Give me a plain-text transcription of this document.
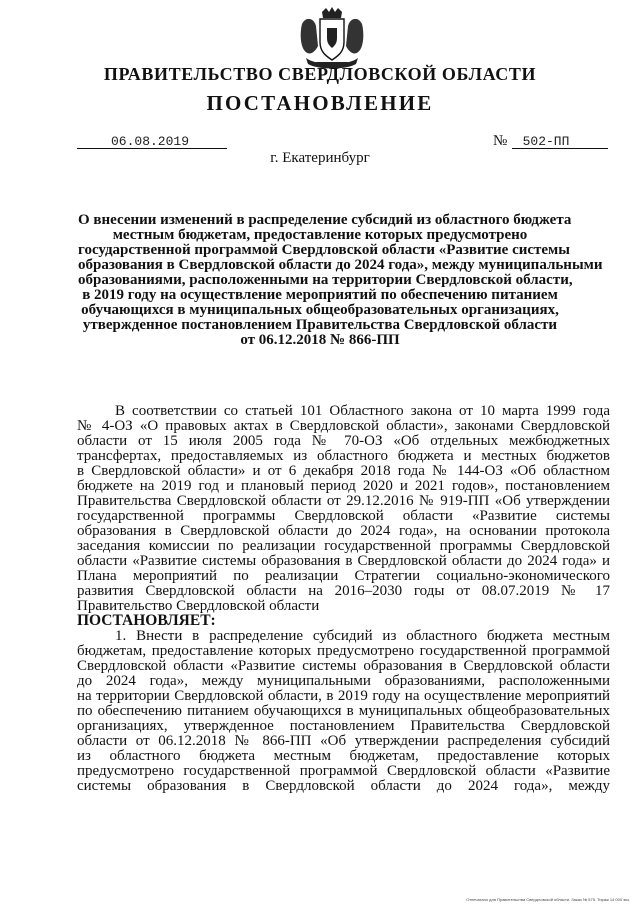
ПРАВИТЕЛЬСТВО СВЕРДЛОВСКОЙ ОБЛАСТИ
ПОСТАНОВЛЕНИЕ
06.08.2019	№	502-ПП
г. Екатеринбург
О внесении изменений в распределение субсидий из областного бюджета
местным бюджетам, предоставление которых предусмотрено
государственной программой Свердловской области «Развитие системы
образования в Свердловской области до 2024 года», между муниципальными
образованиями, расположенными на территории Свердловской области,
в 2019 году на осуществление мероприятий по обеспечению питанием
обучающихся в муниципальных общеобразовательных организациях,
утвержденное постановлением Правительства Свердловской области
от 06.12.2018 № 866-ПП
В соответствии со статьей 101 Областного закона от 10 марта 1999 года
№ 4-ОЗ «О правовых актах в Свердловской области», законами Свердловской
области от 15 июля 2005 года № 70-ОЗ «Об отдельных межбюджетных
трансфертах, предоставляемых из областного бюджета и местных бюджетов
в Свердловской области» и от 6 декабря 2018 года № 144-ОЗ «Об областном
бюджете на 2019 год и плановый период 2020 и 2021 годов», постановлением
Правительства Свердловской области от 29.12.2016 № 919-ПП «Об утверждении
государственной программы Свердловской области «Развитие системы
образования в Свердловской области до 2024 года», на основании протокола
заседания комиссии по реализации государственной программы Свердловской
области «Развитие системы образования в Свердловской области до 2024 года» и
Плана мероприятий по реализации Стратегии социально-экономического
развития Свердловской области на 2016–2030 годы от 08.07.2019 № 17
Правительство Свердловской области
ПОСТАНОВЛЯЕТ:
1. Внести в распределение субсидий из областного бюджета местным
бюджетам, предоставление которых предусмотрено государственной программой
Свердловской области «Развитие системы образования в Свердловской области
до 2024 года», между муниципальными образованиями, расположенными
на территории Свердловской области, в 2019 году на осуществление мероприятий
по обеспечению питанием обучающихся в муниципальных общеобразовательных
организациях, утвержденное постановлением Правительства Свердловской
области от 06.12.2018 № 866-ПП «Об утверждении распределения субсидий
из областного бюджета местным бюджетам, предоставление которых
предусмотрено государственной программой Свердловской области «Развитие
системы образования в Свердловской области до 2024 года», между
Отпечатано для Правительства Свердловской области. Заказ № 575. Тираж 14 000 экз.
